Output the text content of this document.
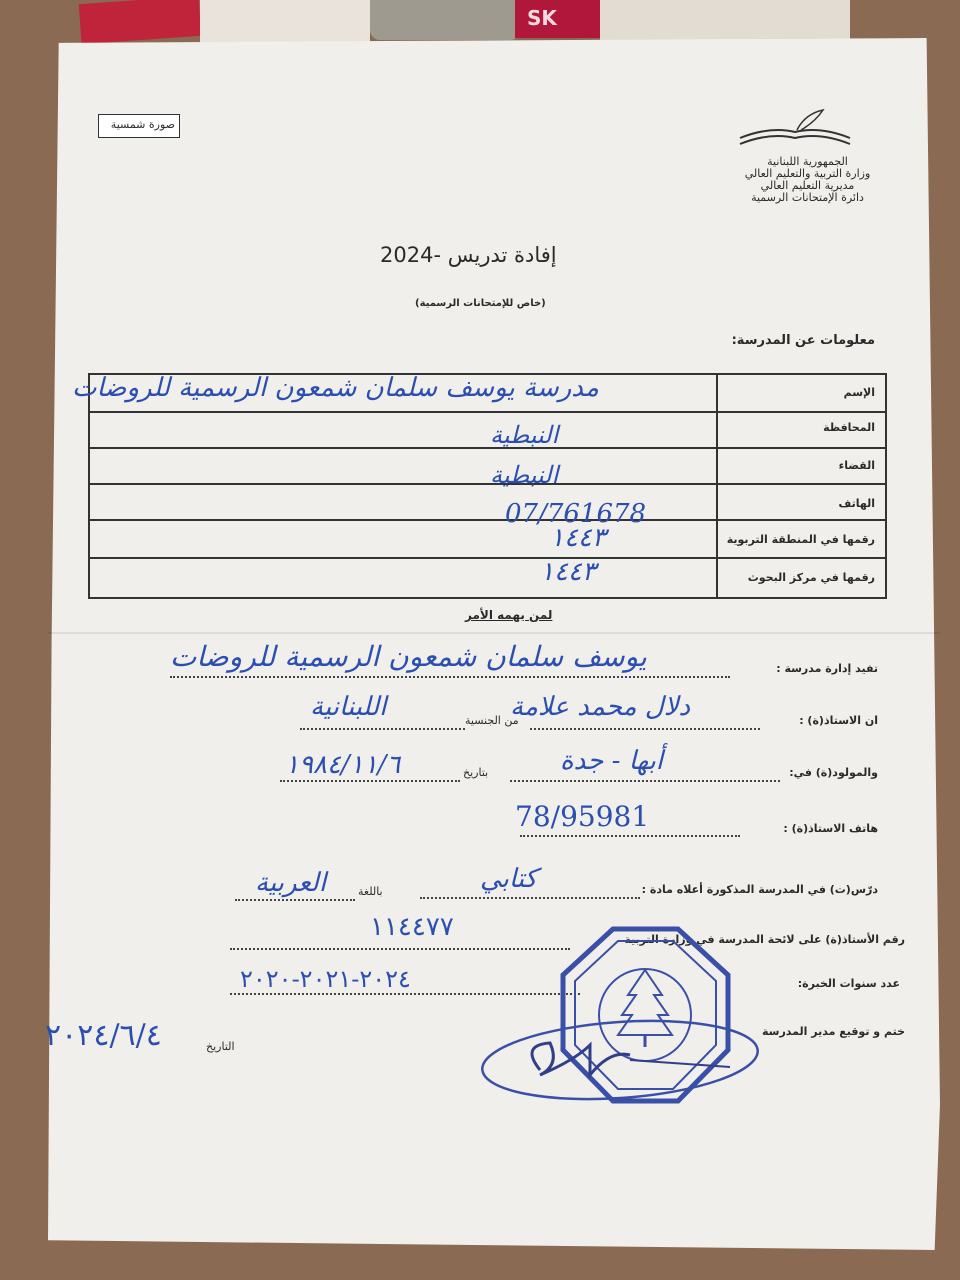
SK
الجمهورية اللبنانية
وزارة التربية والتعليم العالي
مديرية التعليم العالي
دائرة الإمتحانات الرسمية
صورة شمسية
إفادة تدريس -2024
(خاص للإمتحانات الرسمية)
معلومات عن المدرسة:
الإسم
مدرسة يوسف سلمان شمعون الرسمية للروضات
المحافظة
النبطية
القضاء
النبطية
الهاتف
07/761678
رقمها في المنطقة التربوية
١٤٤٣
رقمها في مركز البحوث
١٤٤٣
لمن يهمه الأمر
تفيد إدارة مدرسة :
يوسف سلمان شمعون الرسمية للروضات
ان الاستاذ(ة) :
دلال محمد علامة
من الجنسية
اللبنانية
والمولود(ة) في:
أبها - جدة
بتاريخ
١٩٨٤/١١/٦
هاتف الاستاذ(ة) :
78/95981
درّس(ت) في المدرسة المذكورة أعلاه مادة :
كتابي
باللغة
العربية
رقم الأستاذ(ة) على لائحة المدرسة في وزارة التربية
١١٤٤٧٧
عدد سنوات الخبرة:
٢٠٢٤-٢٠٢١-٢٠٢٠
ختم و توقيع مدير المدرسة
التاريخ
٢٠٢٤/٦/٤
